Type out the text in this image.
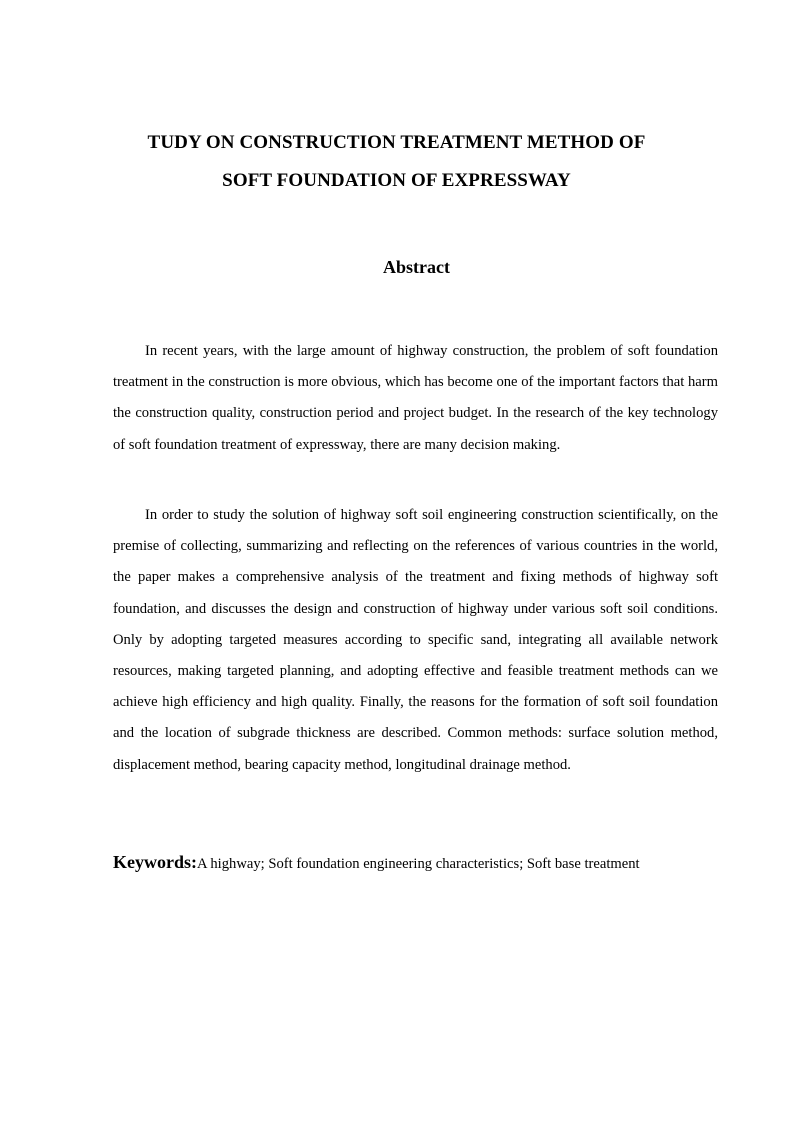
TUDY ON CONSTRUCTION TREATMENT METHOD OF
SOFT FOUNDATION OF EXPRESSWAY
Abstract

In recent years, with the large amount of highway construction, the problem of soft foundation treatment in the construction is more obvious, which has become one of the important factors that harm the construction quality, construction period and project budget. In the research of the key technology of soft foundation treatment of expressway, there are many decision making.

In order to study the solution of highway soft soil engineering construction scientifically, on the premise of collecting, summarizing and reflecting on the references of various countries in the world, the paper makes a comprehensive analysis of the treatment and fixing methods of highway soft foundation, and discusses the design and construction of highway under various soft soil conditions. Only by adopting targeted measures according to specific sand, integrating all available network resources, making targeted planning, and adopting effective and feasible treatment methods can we achieve high efficiency and high quality. Finally, the reasons for the formation of soft soil foundation and the location of subgrade thickness are described. Common methods: surface solution method, displacement method, bearing capacity method, longitudinal drainage method.

Keywords:A highway; Soft foundation engineering characteristics; Soft base treatment
